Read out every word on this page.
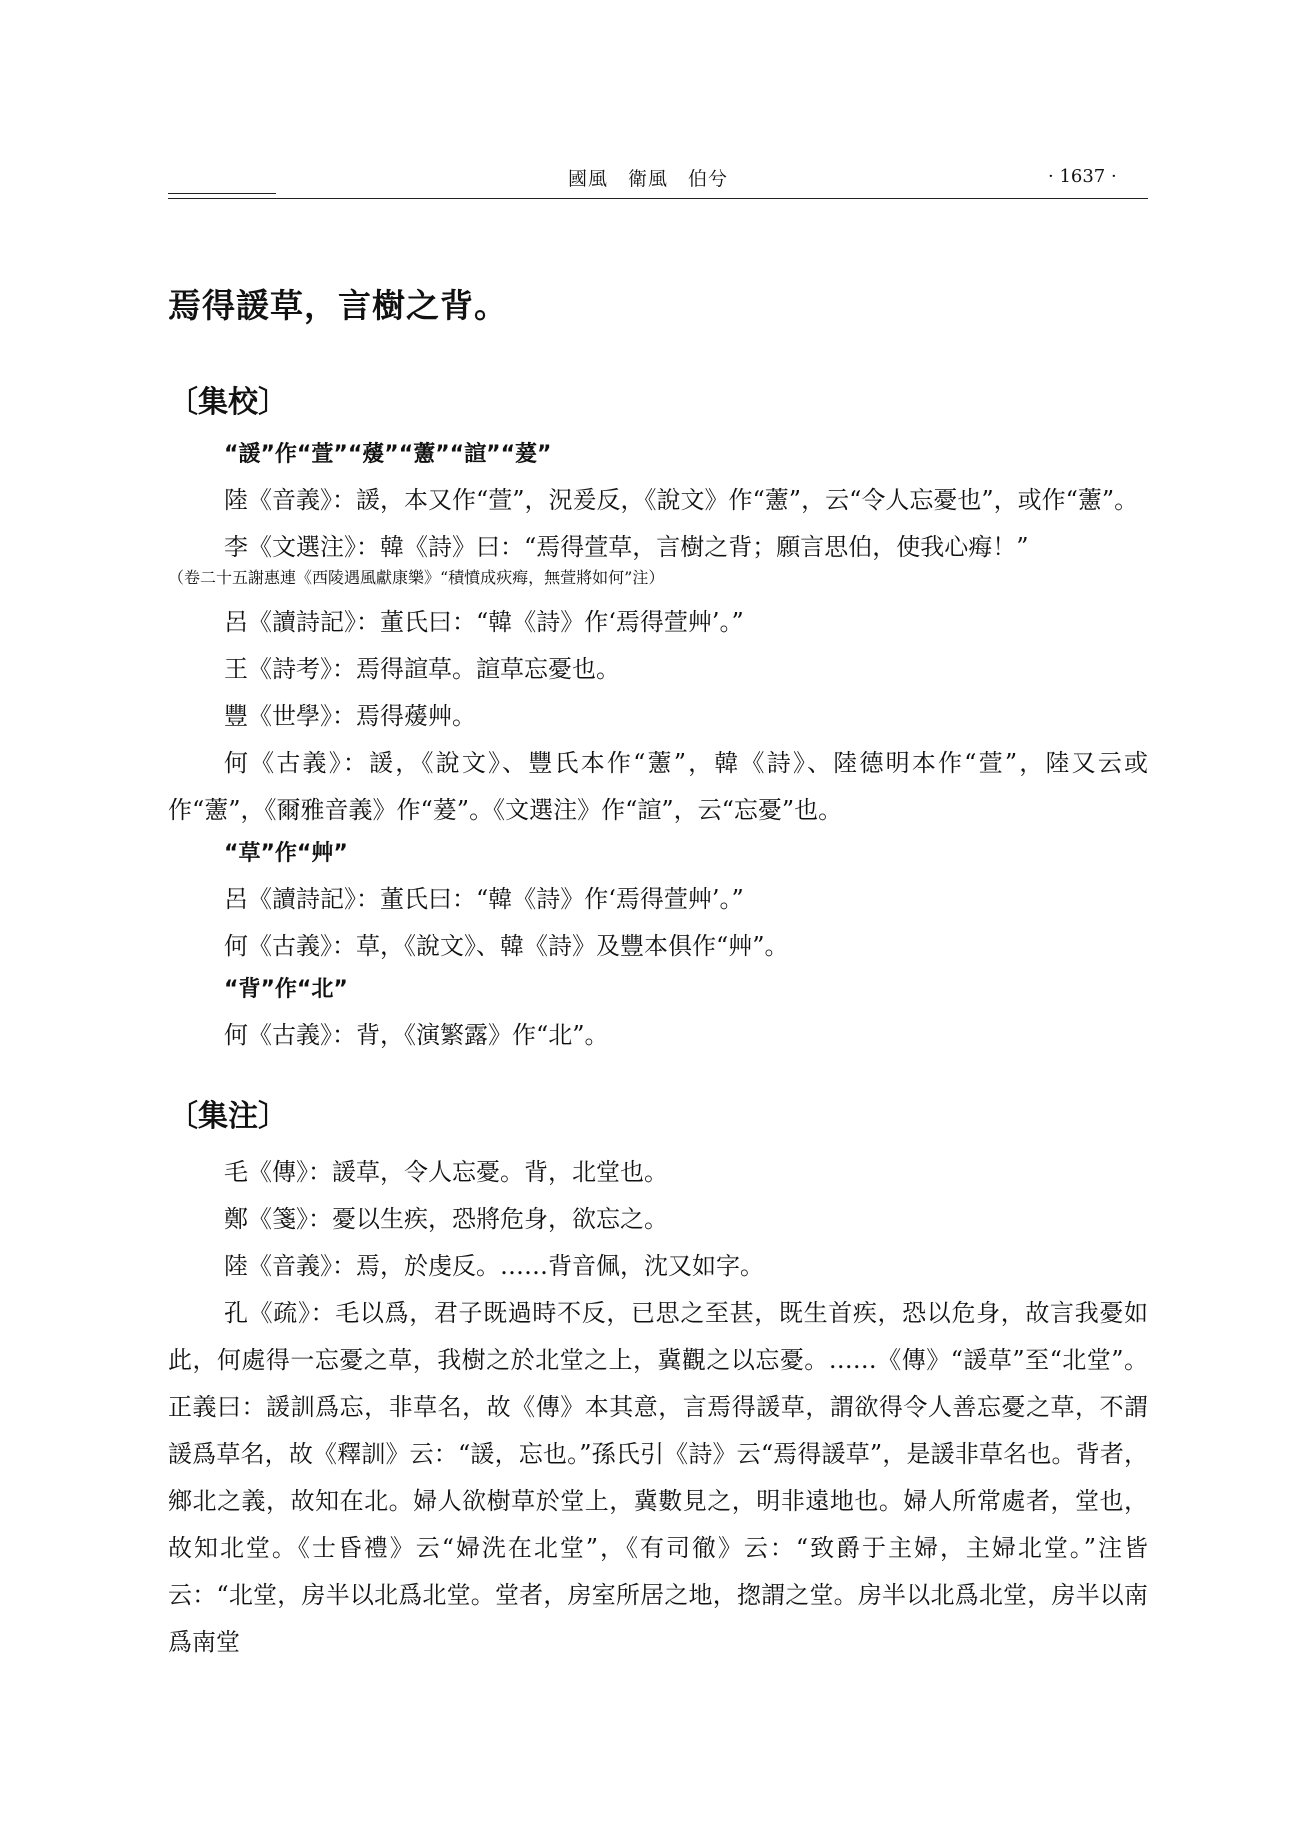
國風　衛風　伯兮	· 1637 ·
焉得諼草，言樹之背。
〔集校〕
“諼”作“萱”“蕿”“藼”“諠”“萲”

陸《音義》：諼，本又作“萱”，況爰反，《說文》作“藼”，云“令人忘憂也”，或作“藼”。

李《文選注》：韓《詩》曰：“焉得萱草，言樹之背；願言思伯，使我心痗！”

（卷二十五謝惠連《西陵遇風獻康樂》“積憤成疢痗，無萱將如何”注）

呂《讀詩記》：董氏曰：“韓《詩》作‘焉得萱艸’。”

王《詩考》：焉得諠草。諠草忘憂也。

豐《世學》：焉得蕿艸。

何《古義》：諼，《說文》、豐氏本作“藼”，韓《詩》、陸德明本作“萱”，陸又云或作“藼”，《爾雅音義》作“萲”。《文選注》作“諠”，云“忘憂”也。

“草”作“艸”

呂《讀詩記》：董氏曰：“韓《詩》作‘焉得萱艸’。”

何《古義》：草，《說文》、韓《詩》及豐本俱作“艸”。

“背”作“北”

何《古義》：背，《演繁露》作“北”。

〔集注〕

毛《傳》：諼草，令人忘憂。背，北堂也。

鄭《箋》：憂以生疾，恐將危身，欲忘之。

陸《音義》：焉，於虔反。……背音佩，沈又如字。

孔《疏》：毛以爲，君子既過時不反，已思之至甚，既生首疾，恐以危身，故言我憂如此，何處得一忘憂之草，我樹之於北堂之上，冀觀之以忘憂。……《傳》“諼草”至“北堂”。正義曰：諼訓爲忘，非草名，故《傳》本其意，言焉得諼草，謂欲得令人善忘憂之草，不謂諼爲草名，故《釋訓》云：“諼，忘也。”孫氏引《詩》云“焉得諼草”，是諼非草名也。背者，鄉北之義，故知在北。婦人欲樹草於堂上，冀數見之，明非遠地也。婦人所常處者，堂也，故知北堂。《士昏禮》云“婦洗在北堂”，《有司徹》云：“致爵于主婦，主婦北堂。”注皆云：“北堂，房半以北爲北堂。堂者，房室所居之地，揔謂之堂。房半以北爲北堂，房半以南爲南堂
